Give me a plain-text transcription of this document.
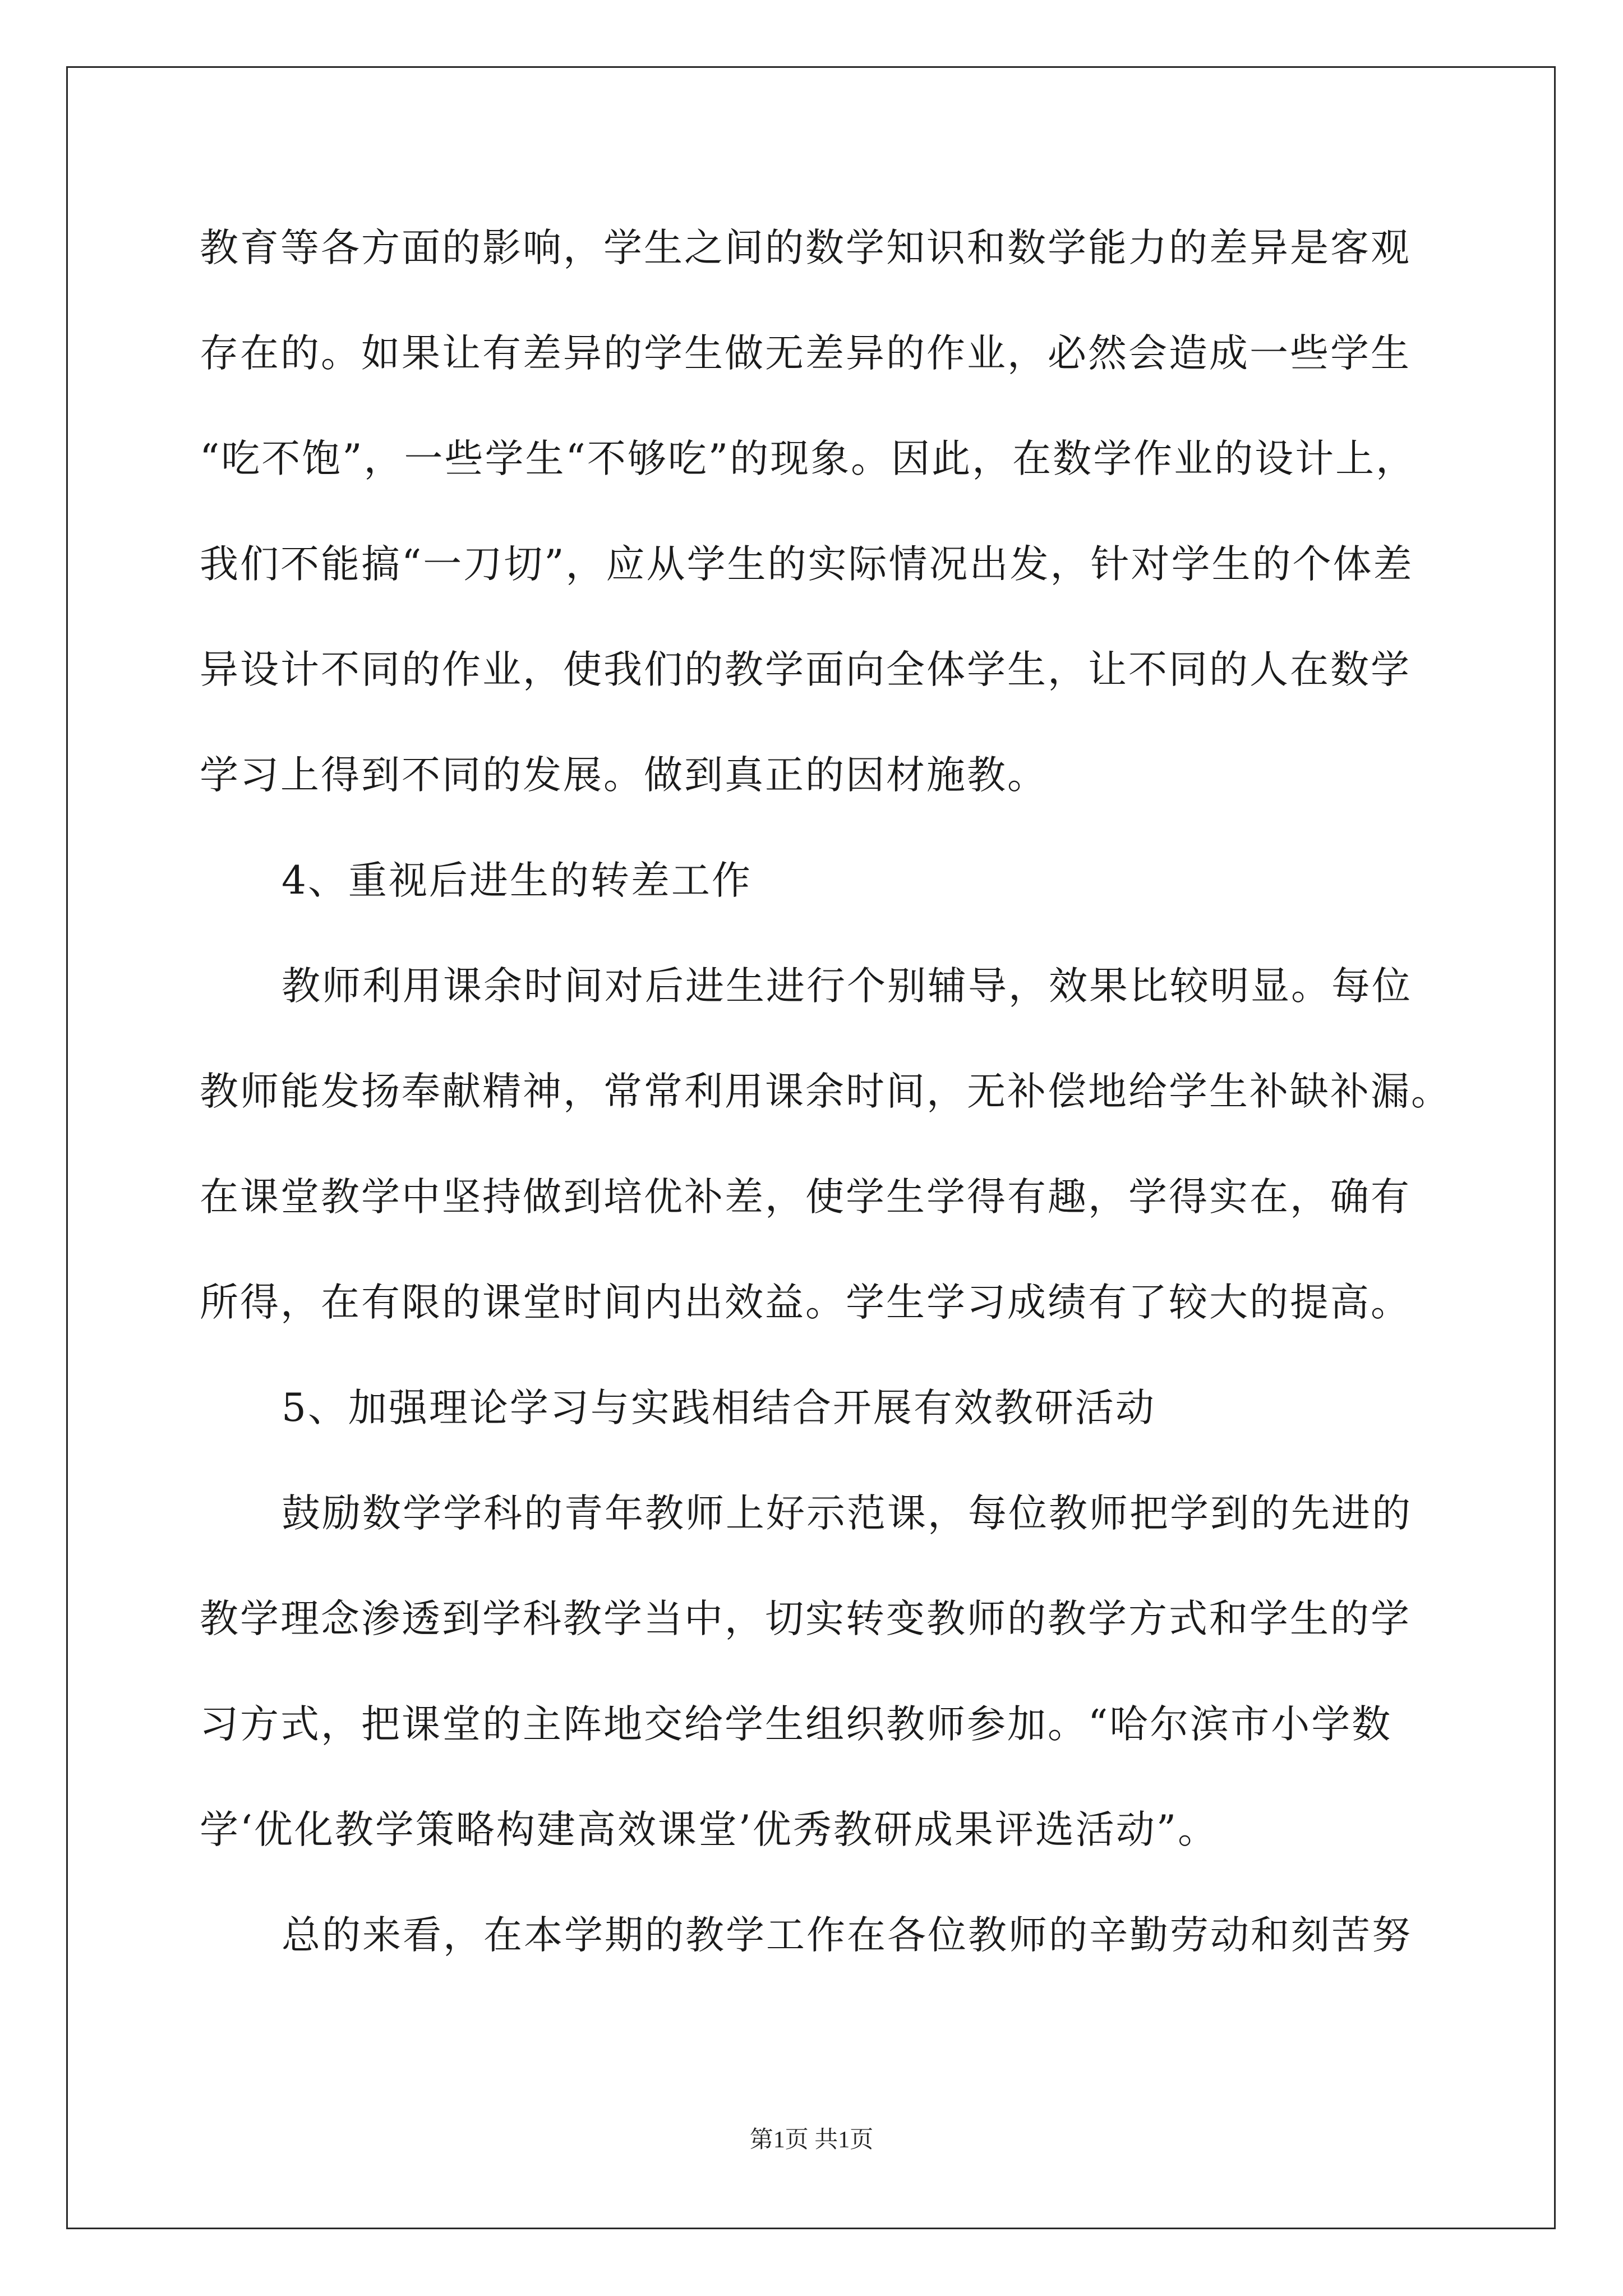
教育等各方面的影响，学生之间的数学知识和数学能力的差异是客观
存在的。如果让有差异的学生做无差异的作业，必然会造成一些学生
“吃不饱”，一些学生“不够吃”的现象。因此，在数学作业的设计上，
我们不能搞“一刀切”，应从学生的实际情况出发，针对学生的个体差
异设计不同的作业，使我们的教学面向全体学生，让不同的人在数学
学习上得到不同的发展。做到真正的因材施教。
4、重视后进生的转差工作
教师利用课余时间对后进生进行个别辅导，效果比较明显。每位
教师能发扬奉献精神，常常利用课余时间，无补偿地给学生补缺补漏。
在课堂教学中坚持做到培优补差，使学生学得有趣，学得实在，确有
所得，在有限的课堂时间内出效益。学生学习成绩有了较大的提高。
5、加强理论学习与实践相结合开展有效教研活动
鼓励数学学科的青年教师上好示范课，每位教师把学到的先进的
教学理念渗透到学科教学当中，切实转变教师的教学方式和学生的学
习方式，把课堂的主阵地交给学生组织教师参加。“哈尔滨市小学数
学‘优化教学策略构建高效课堂’优秀教研成果评选活动”。
总的来看，在本学期的教学工作在各位教师的辛勤劳动和刻苦努
第1页 共1页
